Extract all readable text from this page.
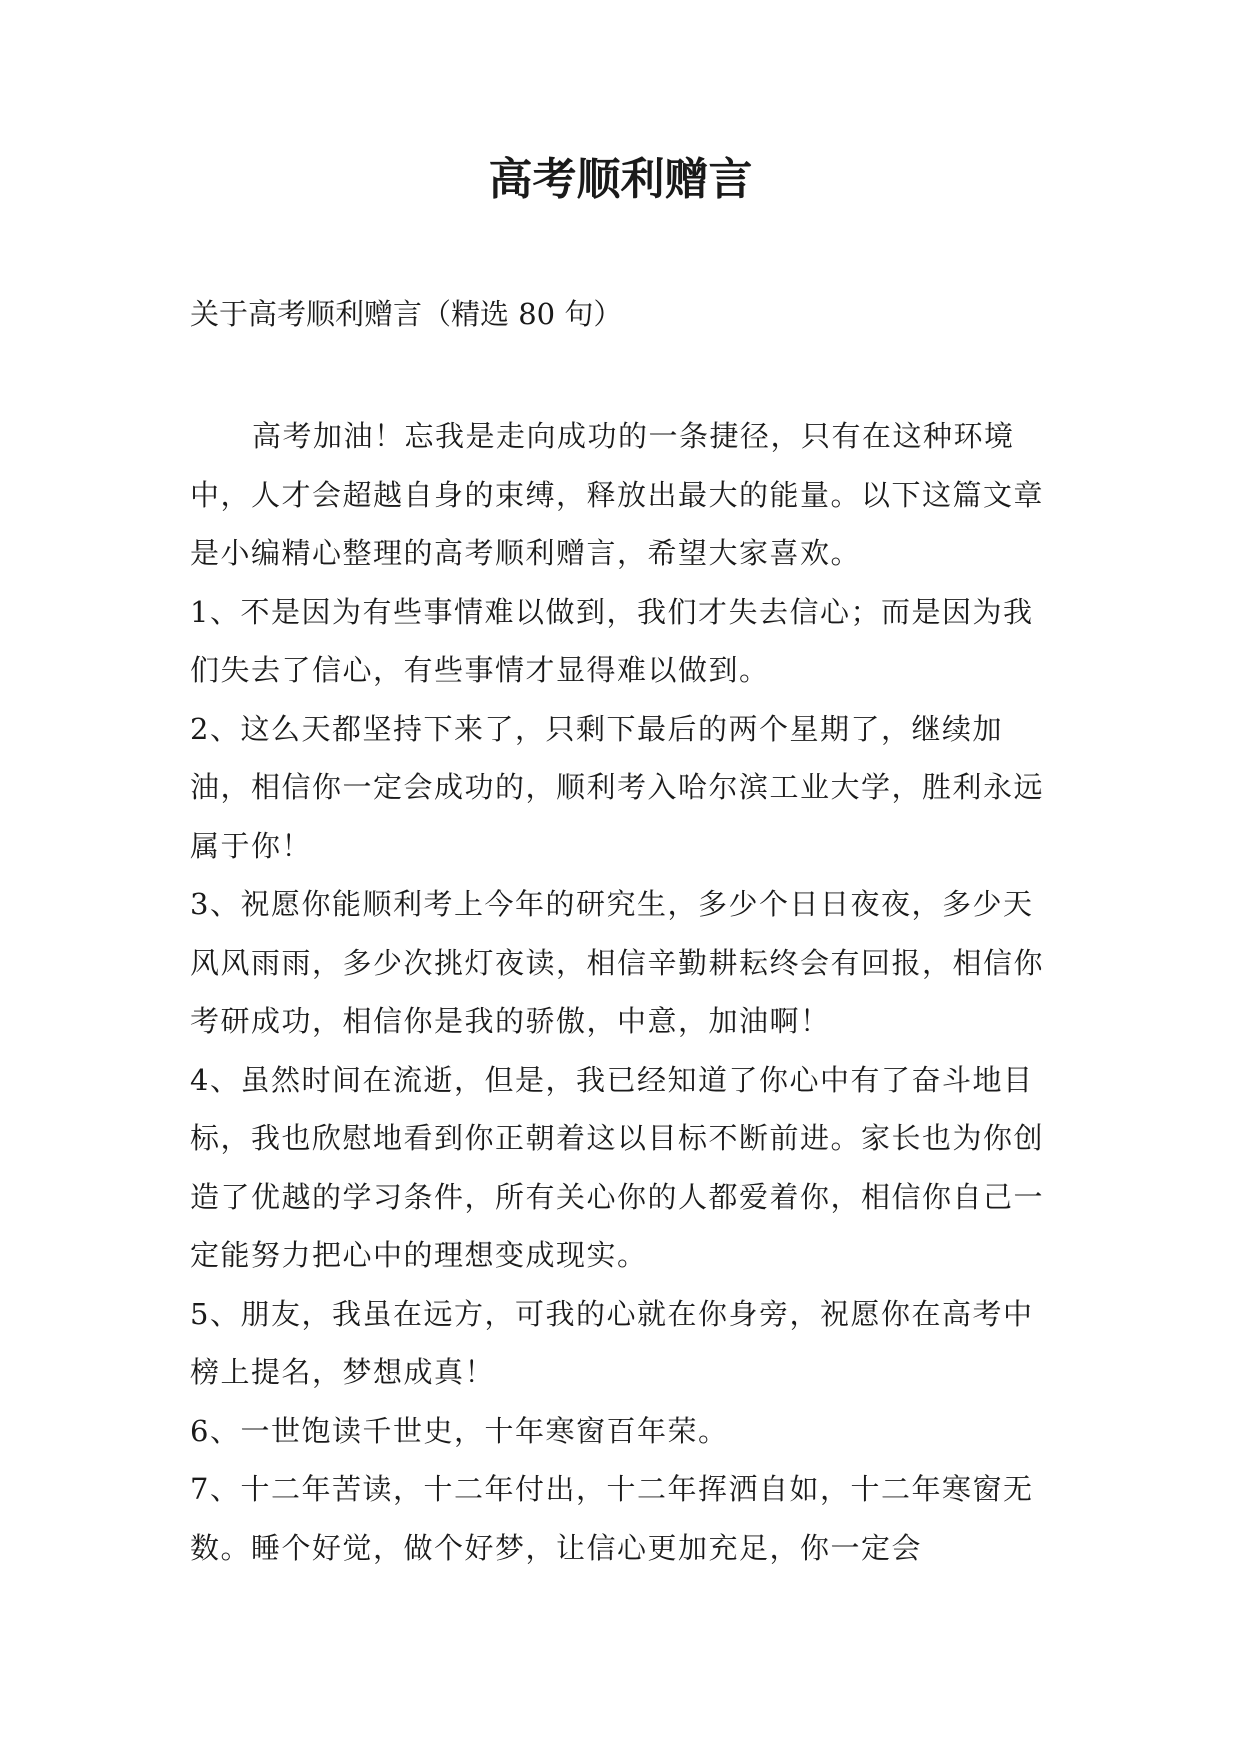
高考顺利赠言

关于高考顺利赠言（精选 80 句）

高考加油！忘我是走向成功的一条捷径，只有在这种环境中，人才会超越自身的束缚，释放出最大的能量。以下这篇文章是小编精心整理的高考顺利赠言，希望大家喜欢。

1、不是因为有些事情难以做到，我们才失去信心；而是因为我们失去了信心，有些事情才显得难以做到。

2、这么天都坚持下来了，只剩下最后的两个星期了，继续加油，相信你一定会成功的，顺利考入哈尔滨工业大学，胜利永远属于你！

3、祝愿你能顺利考上今年的研究生，多少个日日夜夜，多少天风风雨雨，多少次挑灯夜读，相信辛勤耕耘终会有回报，相信你考研成功，相信你是我的骄傲，中意，加油啊！

4、虽然时间在流逝，但是，我已经知道了你心中有了奋斗地目标，我也欣慰地看到你正朝着这以目标不断前进。家长也为你创造了优越的学习条件，所有关心你的人都爱着你，相信你自己一定能努力把心中的理想变成现实。

5、朋友，我虽在远方，可我的心就在你身旁，祝愿你在高考中榜上提名，梦想成真！

6、一世饱读千世史，十年寒窗百年荣。

7、十二年苦读，十二年付出，十二年挥洒自如，十二年寒窗无数。睡个好觉，做个好梦，让信心更加充足，你一定会
